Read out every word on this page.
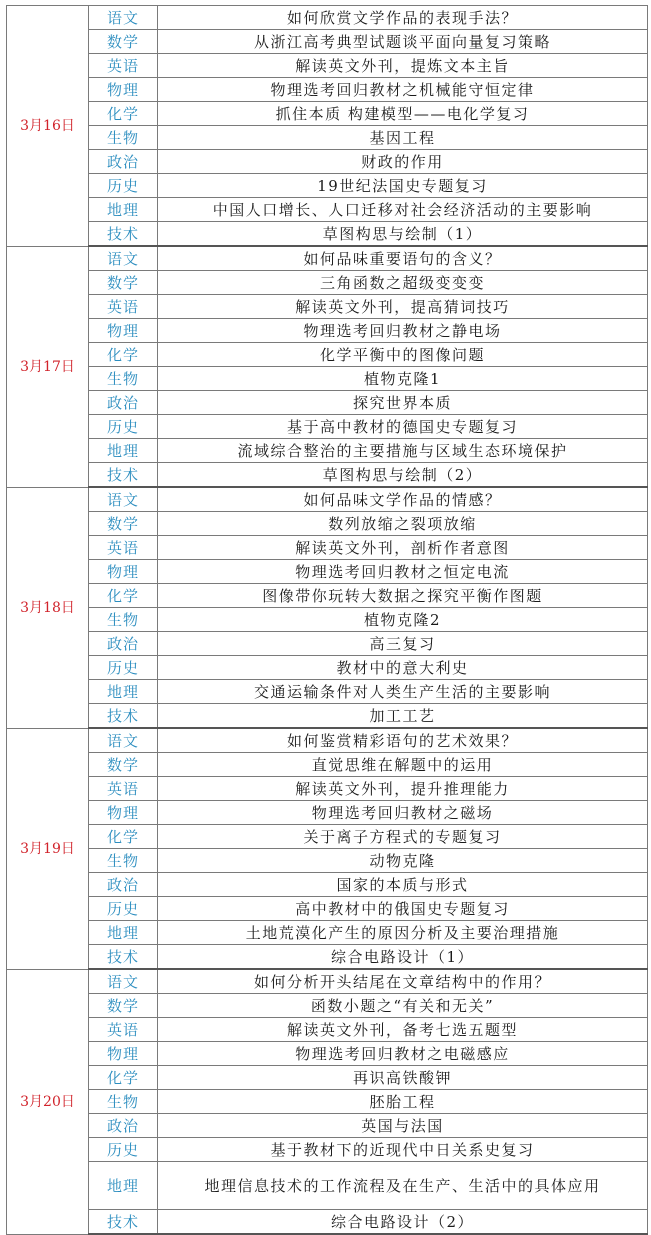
3月16日	语文	如何欣赏文学作品的表现手法？
	数学	从浙江高考典型试题谈平面向量复习策略
	英语	解读英文外刊，提炼文本主旨
	物理	物理选考回归教材之机械能守恒定律
	化学	抓住本质 构建模型——电化学复习
	生物	基因工程
	政治	财政的作用
	历史	19世纪法国史专题复习
	地理	中国人口增长、人口迁移对社会经济活动的主要影响
	技术	草图构思与绘制（1）
3月17日	语文	如何品味重要语句的含义？
	数学	三角函数之超级变变变
	英语	解读英文外刊，提高猜词技巧
	物理	物理选考回归教材之静电场
	化学	化学平衡中的图像问题
	生物	植物克隆1
	政治	探究世界本质
	历史	基于高中教材的德国史专题复习
	地理	流域综合整治的主要措施与区域生态环境保护
	技术	草图构思与绘制（2）
3月18日	语文	如何品味文学作品的情感？
	数学	数列放缩之裂项放缩
	英语	解读英文外刊，剖析作者意图
	物理	物理选考回归教材之恒定电流
	化学	图像带你玩转大数据之探究平衡作图题
	生物	植物克隆2
	政治	高三复习
	历史	教材中的意大利史
	地理	交通运输条件对人类生产生活的主要影响
	技术	加工工艺
3月19日	语文	如何鉴赏精彩语句的艺术效果？
	数学	直觉思维在解题中的运用
	英语	解读英文外刊，提升推理能力
	物理	物理选考回归教材之磁场
	化学	关于离子方程式的专题复习
	生物	动物克隆
	政治	国家的本质与形式
	历史	高中教材中的俄国史专题复习
	地理	土地荒漠化产生的原因分析及主要治理措施
	技术	综合电路设计（1）
3月20日	语文	如何分析开头结尾在文章结构中的作用？
	数学	函数小题之“有关和无关”
	英语	解读英文外刊，备考七选五题型
	物理	物理选考回归教材之电磁感应
	化学	再识高铁酸钾
	生物	胚胎工程
	政治	英国与法国
	历史	基于教材下的近现代中日关系史复习
	地理	地理信息技术的工作流程及在生产、生活中的具体应用
	技术	综合电路设计（2）
